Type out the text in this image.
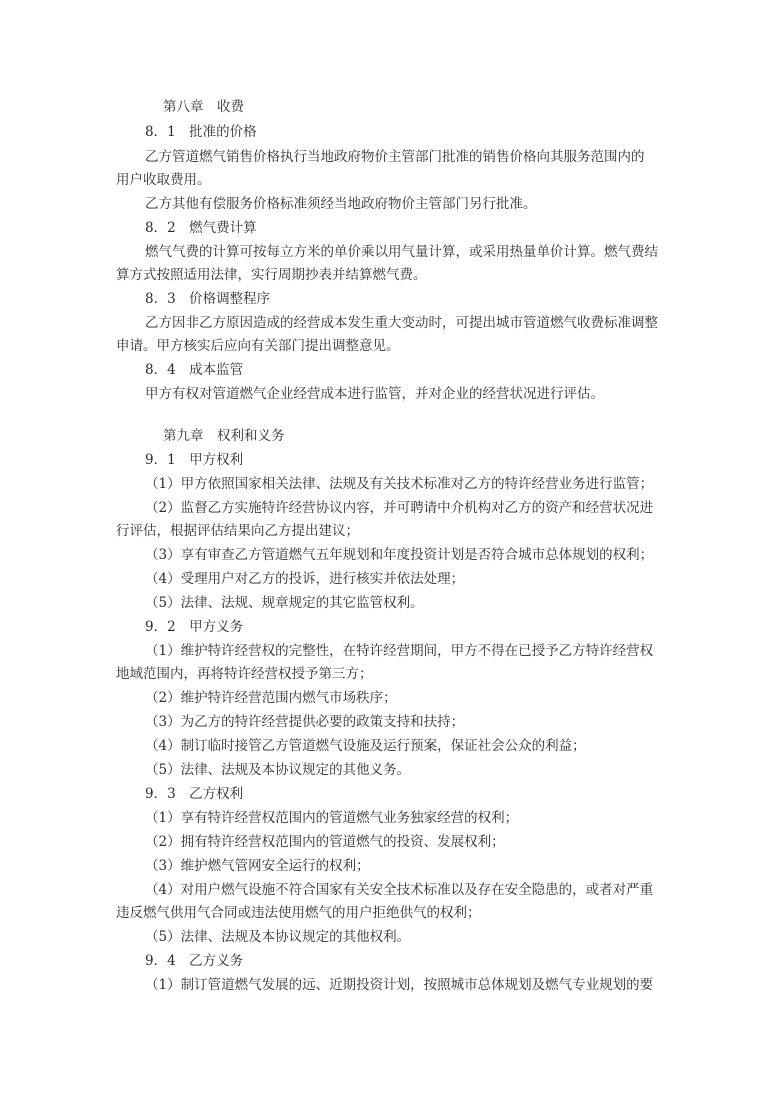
第八章　收费
8．1　批准的价格
乙方管道燃气销售价格执行当地政府物价主管部门批准的销售价格向其服务范围内的
用户收取费用。
乙方其他有偿服务价格标准须经当地政府物价主管部门另行批准。
8．2　燃气费计算
燃气气费的计算可按每立方米的单价乘以用气量计算，或采用热量单价计算。燃气费结
算方式按照适用法律，实行周期抄表并结算燃气费。
8．3　价格调整程序
乙方因非乙方原因造成的经营成本发生重大变动时，可提出城市管道燃气收费标准调整
申请。甲方核实后应向有关部门提出调整意见。
8．4　成本监管
甲方有权对管道燃气企业经营成本进行监管，并对企业的经营状况进行评估。
第九章　权利和义务
9．1　甲方权利
（1）甲方依照国家相关法律、法规及有关技术标准对乙方的特许经营业务进行监管；
（2）监督乙方实施特许经营协议内容，并可聘请中介机构对乙方的资产和经营状况进
行评估，根据评估结果向乙方提出建议；
（3）享有审查乙方管道燃气五年规划和年度投资计划是否符合城市总体规划的权利；
（4）受理用户对乙方的投诉，进行核实并依法处理；
（5）法律、法规、规章规定的其它监管权利。
9．2　甲方义务
（1）维护特许经营权的完整性，在特许经营期间，甲方不得在已授予乙方特许经营权
地域范围内，再将特许经营权授予第三方；
（2）维护特许经营范围内燃气市场秩序；
（3）为乙方的特许经营提供必要的政策支持和扶持；
（4）制订临时接管乙方管道燃气设施及运行预案，保证社会公众的利益；
（5）法律、法规及本协议规定的其他义务。
9．3　乙方权利
（1）享有特许经营权范围内的管道燃气业务独家经营的权利；
（2）拥有特许经营权范围内的管道燃气的投资、发展权利；
（3）维护燃气管网安全运行的权利；
（4）对用户燃气设施不符合国家有关安全技术标准以及存在安全隐患的，或者对严重
违反燃气供用气合同或违法使用燃气的用户拒绝供气的权利；
（5）法律、法规及本协议规定的其他权利。
9．4　乙方义务
（1）制订管道燃气发展的远、近期投资计划，按照城市总体规划及燃气专业规划的要
